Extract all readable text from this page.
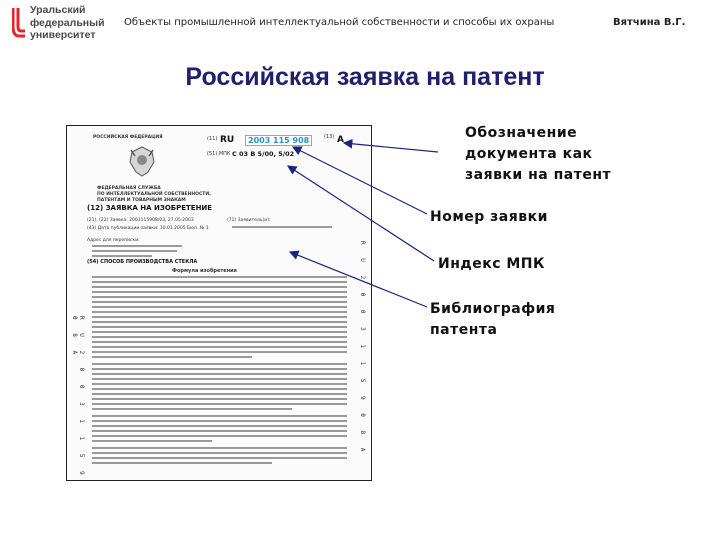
Уральский
федеральный
университет
Объекты промышленной интеллектуальной собственности и способы их охраны	Вятчина В.Г.
Российская заявка на патент
РОССИЙСКАЯ ФЕДЕРАЦИЯ
ФЕДЕРАЛЬНАЯ СЛУЖБА
ПО ИНТЕЛЛЕКТУАЛЬНОЙ СОБСТВЕННОСТИ,
ПАТЕНТАМ И ТОВАРНЫМ ЗНАКАМ
(11) RU	2003 115 908	(13) A
(51) МПК C 03 B 5/00, 5/02
(12) ЗАЯВКА НА ИЗОБРЕТЕНИЕ
(21), (22) Заявка: 2003115908/03, 27.05.2003
(43) Дата публикации заявки: 10.01.2005 Бюл. № 1
Адрес для переписки:
(71) Заявитель(и):
(54) СПОСОБ ПРОИЗВОДСТВА СТЕКЛА
Формула изобретения
R U 2 0 0 3 1 1 5 9 0 8 A	R U 2 0 0 3 1 1 5 9 0 8 A
Обозначение
документа как
заявки на патент
Номер заявки
Индекс МПК
Библиография
патента
